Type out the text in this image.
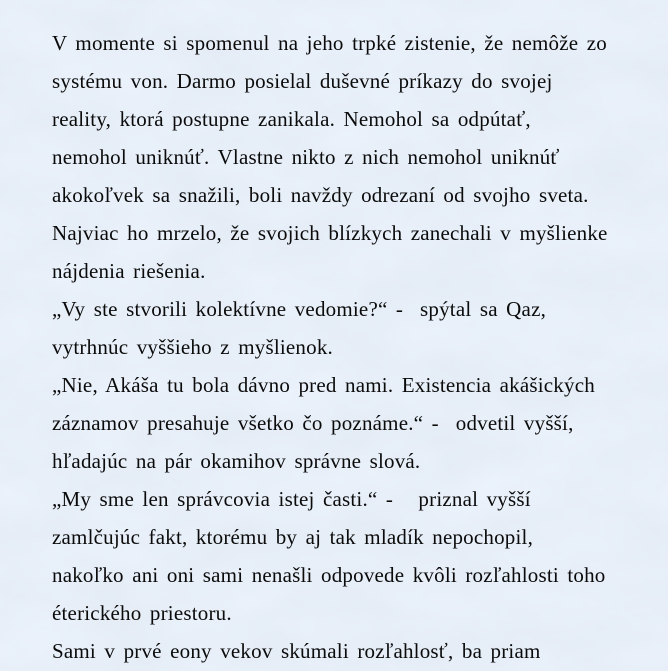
V momente si spomenul na jeho trpké zistenie, že nemôže zo
systému von. Darmo posielal duševné príkazy do svojej
reality, ktorá postupne zanikala. Nemohol sa odpútať,
nemohol uniknúť. Vlastne nikto z nich nemohol uniknúť
akokoľvek sa snažili, boli navždy odrezaní od svojho sveta.
Najviac ho mrzelo, že svojich blízkych zanechali v myšlienke
nájdenia riešenia.
„Vy ste stvorili kolektívne vedomie?“ -  spýtal sa Qaz,
vytrhnúc vyššieho z myšlienok.
„Nie, Akáša tu bola dávno pred nami. Existencia akášických
záznamov presahuje všetko čo poznáme.“ -  odvetil vyšší,
hľadajúc na pár okamihov správne slová.
„My sme len správcovia istej časti.“ -   priznal vyšší
zamlčujúc fakt, ktorému by aj tak mladík nepochopil,
nakoľko ani oni sami nenašli odpovede kvôli rozľahlosti toho
éterického priestoru.
Sami v prvé eony vekov skúmali rozľahlosť, ba priam
